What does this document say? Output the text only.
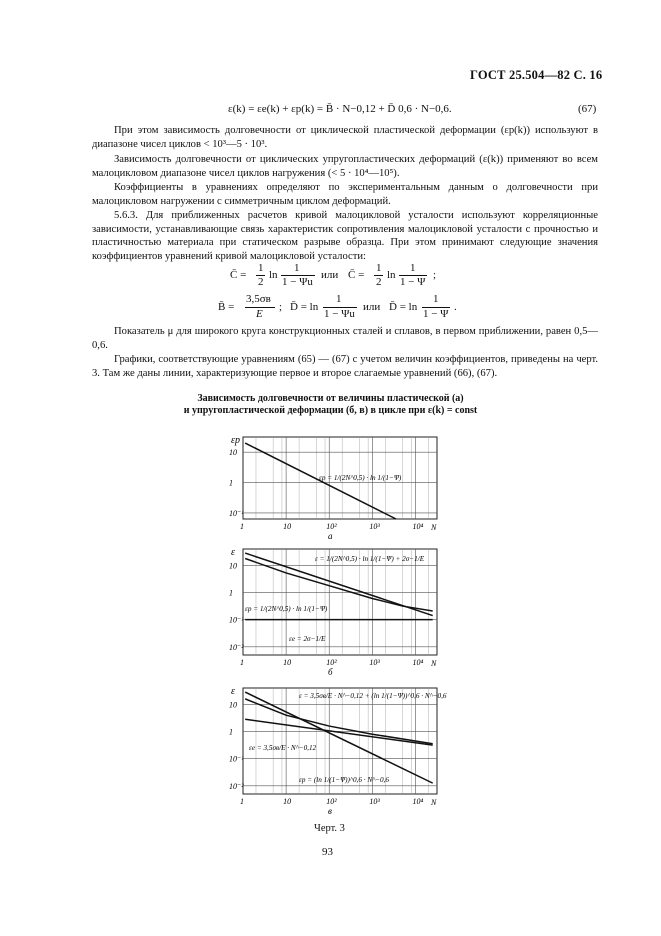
ГОСТ 25.504—82 С. 16
ε(k) = εe(k) + εp(k) = B̄ · N−0,12 + D̄ 0,6 · N−0,6.	(67)
При этом зависимость долговечности от циклической пластической деформации (εp(k)) используют в диапазоне чисел циклов < 10³—5 · 10³.
Зависимость долговечности от циклических упругопластических деформаций (ε(k)) применяют во всем малоцикловом диапазоне чисел циклов нагружения (< 5 · 10⁴—10⁵).
Коэффициенты в уравнениях определяют по экспериментальным данным о долговечности при малоцикловом нагружении с симметричным циклом деформаций.
5.6.3. Для приближенных расчетов кривой малоцикловой усталости используют корреляционные зависимости, устанавливающие связь характеристик сопротивления малоцикловой усталости с прочностью и пластичностью материала при статическом разрыве образца. При этом принимают следующие значения коэффициентов уравнений кривой малоцикловой усталости:
C̄ =
1
2
ln
1
1 − Ψu
или C̄ =
1
2
ln
1
1 − Ψ
;
B̄ =
3,5σв
E
; D̄ = ln
1
1 − Ψu
или D̄ = ln
1
1 − Ψ
.
Показатель μ для широкого круга конструкционных сталей и сплавов, в первом приближении, равен 0,5—0,6.
Графики, соответствующие уравнениям (65) — (67) с учетом величин коэффициентов, приведены на черт. 3. Там же даны линии, характеризующие первое и второе слагаемые уравнений (66), (67).
Зависимость долговечности от величины пластической (а)
и упругопластической деформации (б, в) в цикле при ε(k) = const
1	10	10²	10³	10⁴
10
1
10⁻¹
εp
N
а
εp = 1/(2N^0,5) · ln 1/(1−Ψ)
1	10	10²	10³	10⁴
10
1
10⁻¹
10⁻²
ε
N
б
ε = 1/(2N^0,5) · ln 1/(1−Ψ) + 2σ−1/E
εp = 1/(2N^0,5) · ln 1/(1−Ψ)
εe = 2σ−1/E
1	10	10²	10³	10⁴
10
1
10⁻¹
10⁻²
ε
N
в
ε = 3,5σв/E · N^−0,12 + (ln 1/(1−Ψ))^0,6 · N^−0,6
εe = 3,5σв/E · N^−0,12
εp = (ln 1/(1−Ψ))^0,6 · N^−0,6
Черт. 3
93
